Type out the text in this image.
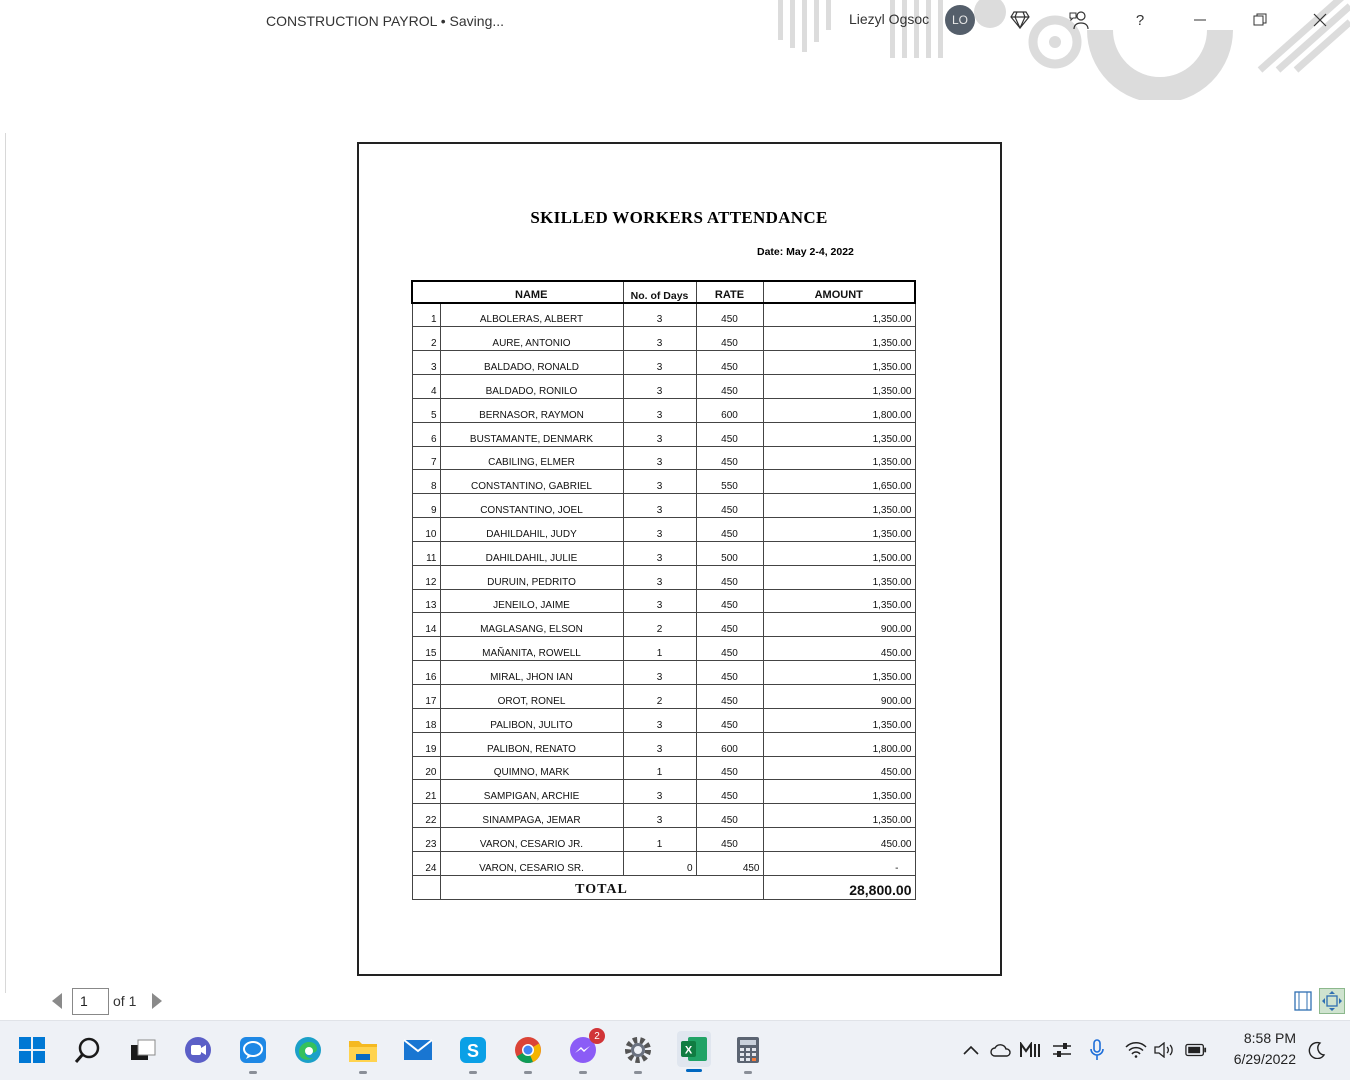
CONSTRUCTION PAYROL • Saving...	Liezyl Ogsoc	LO	?
SKILLED WORKERS ATTENDANCE
Date: May 2-4, 2022
	NAME	No. of Days	RATE	AMOUNT
1	ALBOLERAS, ALBERT	3	450	1,350.00
2	AURE, ANTONIO	3	450	1,350.00
3	BALDADO, RONALD	3	450	1,350.00
4	BALDADO, RONILO	3	450	1,350.00
5	BERNASOR, RAYMON	3	600	1,800.00
6	BUSTAMANTE, DENMARK	3	450	1,350.00
7	CABILING, ELMER	3	450	1,350.00
8	CONSTANTINO, GABRIEL	3	550	1,650.00
9	CONSTANTINO, JOEL	3	450	1,350.00
10	DAHILDAHIL, JUDY	3	450	1,350.00
11	DAHILDAHIL, JULIE	3	500	1,500.00
12	DURUIN, PEDRITO	3	450	1,350.00
13	JENEILO, JAIME	3	450	1,350.00
14	MAGLASANG, ELSON	2	450	900.00
15	MAÑANITA, ROWELL	1	450	450.00
16	MIRAL, JHON IAN	3	450	1,350.00
17	OROT, RONEL	2	450	900.00
18	PALIBON, JULITO	3	450	1,350.00
19	PALIBON, RENATO	3	600	1,800.00
20	QUIMNO, MARK	1	450	450.00
21	SAMPIGAN, ARCHIE	3	450	1,350.00
22	SINAMPAGA, JEMAR	3	450	1,350.00
23	VARON, CESARIO JR.	1	450	450.00
24	VARON, CESARIO SR.	0	450	-
	TOTAL			28,800.00
1	of 1
S
2
X
8:58 PM
6/29/2022
